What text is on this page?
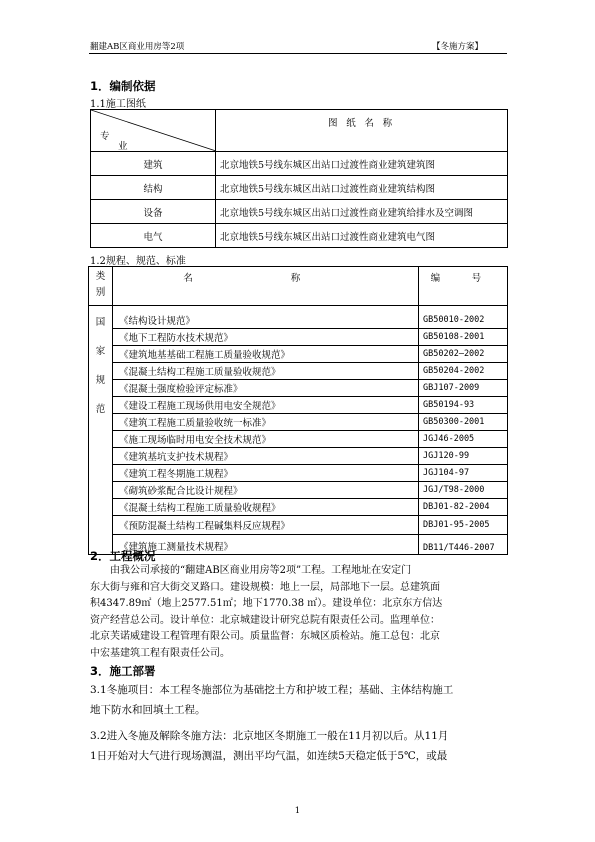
翻建AB区商业用房等2项	【冬施方案】
1．编制依据
1.1施工图纸
专
业	图 纸 名 称
建筑	北京地铁5号线东城区出站口过渡性商业建筑建筑图
结构	北京地铁5号线东城区出站口过渡性商业建筑结构图
设备	北京地铁5号线东城区出站口过渡性商业建筑给排水及空调图
电气	北京地铁5号线东城区出站口过渡性商业建筑电气图
1.2规程、规范、标准
类别	名 称	编 号
国家规范		
	《结构设计规范》	GB50010-2002
	《地下工程防水技术规范》	GB50108-2001
	《建筑地基基础工程施工质量验收规范》	GB50202—2002
	《混凝土结构工程施工质量验收规范》	GB50204-2002
	《混凝土强度检验评定标准》	GBJ107-2009
	《建设工程施工现场供用电安全规范》	GB50194-93
	《建筑工程施工质量验收统一标准》	GB50300-2001
	《施工现场临时用电安全技术规范》	JGJ46-2005
	《建筑基坑支护技术规程》	JGJ120-99
	《建筑工程冬期施工规程》	JGJ104-97
	《砌筑砂浆配合比设计规程》	JGJ/T98-2000
	《混凝土结构工程施工质量验收规程》	DBJ01-82-2004
	《预防混凝土结构工程碱集料反应规程》	DBJ01-95-2005
	《建筑施工测量技术规程》	DB11/T446-2007
2．工程概况

由我公司承接的“翻建AB区商业用房等2项”工程。工程地址在安定门

东大街与雍和宫大街交叉路口。建设规模：地上一层，局部地下一层。总建筑面

积4347.89㎡（地上2577.51㎡；地下1770.38 ㎡）。建设单位：北京东方信达

资产经营总公司。设计单位：北京城建设计研究总院有限责任公司。监理单位：

北京芙诺威建设工程管理有限公司。质量监督：东城区质检站。施工总包：北京

中宏基建筑工程有限责任公司。

3．施工部署

3.1冬施项目：本工程冬施部位为基础挖土方和护坡工程；基础、主体结构施工

地下防水和回填土工程。

3.2进入冬施及解除冬施方法：北京地区冬期施工一般在11月初以后。从11月

1日开始对大气进行现场测温，测出平均气温，如连续5天稳定低于5℃，或最

1
